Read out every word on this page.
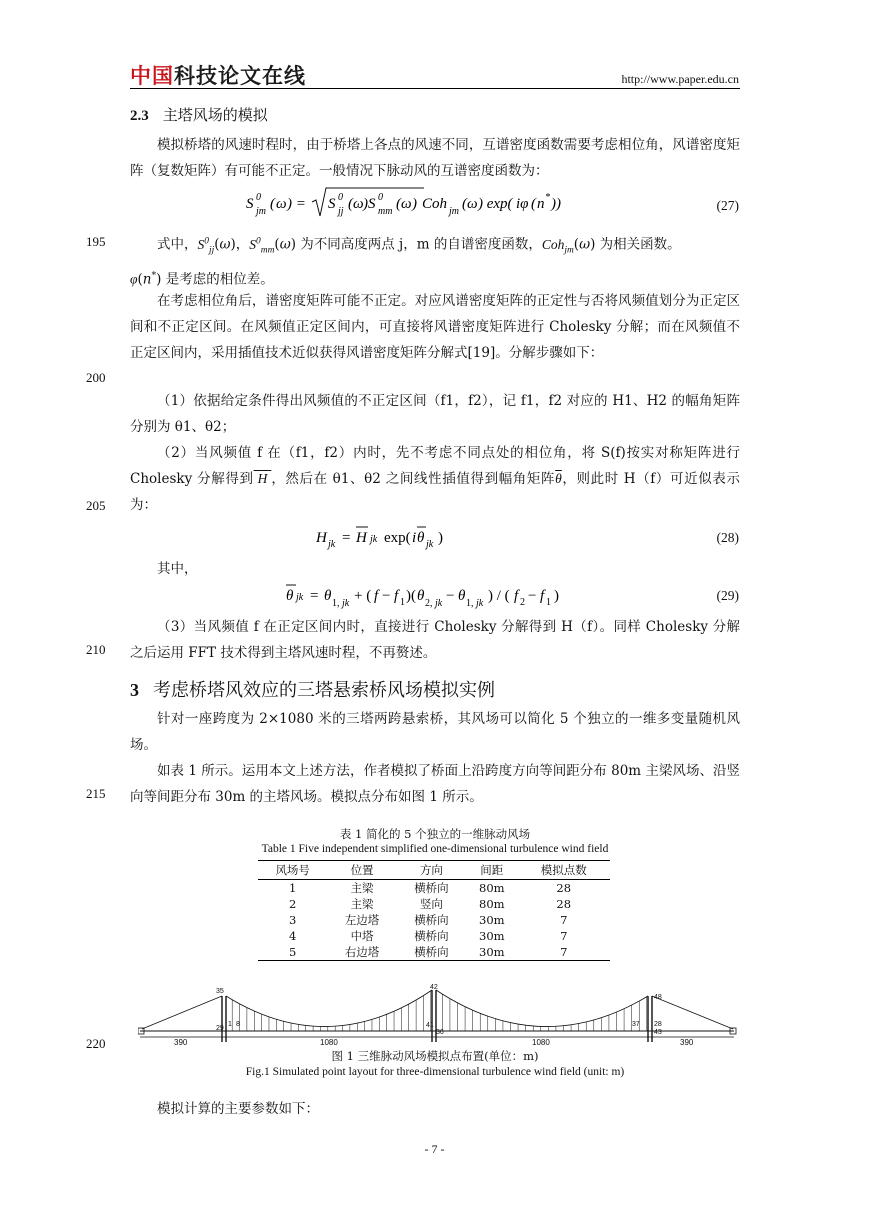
中国科技论文在线	http://www.paper.edu.cn
2.3 主塔风场的模拟
模拟桥塔的风速时程时，由于桥塔上各点的风速不同，互谱密度函数需要考虑相位角，风谱密度矩阵（复数矩阵）有可能不正定。一般情况下脉动风的互谱密度函数为：
S 0
jm ( ω ) = S 0
jj ( ω ) S 0
mm ( ω ) Coh jm ( ω ) exp( iφ ( n * ))	(27)
195	式中，$S^0_{jj}(\omega)$，$S^0_{mm}(\omega)$ 为不同高度两点 j，m 的自谱密度函数，Coh$_{jm}$(ω) 为相关函数。
φ(n*) 是考虑的相位差。
在考虑相位角后，谱密度矩阵可能不正定。对应风谱密度矩阵的正定性与否将风频值划分为正定区间和不正定区间。在风频值正定区间内，可直接将风谱密度矩阵进行 Cholesky 分解；而在风频值不正定区间内，采用插值技术近似获得风谱密度矩阵分解式[19]。分解步骤如下：
200
（1）依据给定条件得出风频值的不正定区间（f1，f2），记 f1，f2 对应的 H1、H2 的幅角矩阵分别为 θ1、θ2；
（2）当风频值 f 在（f1，f2）内时，先不考虑不同点处的相位角，将 S(f)按实对称矩阵进行 Cholesky 分解得到 H ，然后在 θ1、θ2 之间线性插值得到幅角矩阵$\overline{\theta}$，则此时 H（f）可近似表示为：
205
H jk = H jk exp( i θ jk )	(28)
其中，
θ jk = θ 1, jk + ( f − f 1 )( θ 2, jk − θ 1, jk ) / ( f 2 − f 1 )	(29)
（3）当风频值 f 在正定区间内时，直接进行 Cholesky 分解得到 H（f）。同样 Cholesky 分解之后运用 FFT 技术得到主塔风速时程，不再赘述。
210
3 考虑桥塔风效应的三塔悬索桥风场模拟实例
针对一座跨度为 2×1080 米的三塔两跨悬索桥，其风场可以简化 5 个独立的一维多变量随机风场。
如表 1 所示。运用本文上述方法，作者模拟了桥面上沿跨度方向等间距分布 80m 主梁风场、沿竖向等间距分布 30m 的主塔风场。模拟点分布如图 1 所示。
215
表 1 简化的 5 个独立的一维脉动风场
Table 1 Five independent simplified one-dimensional turbulence wind field
风场号	位置	方向	间距	模拟点数
1	主梁	横桥向	80m	28
2	主梁	竖向	80m	28
3	左边塔	横桥向	30m	7
4	中塔	横桥向	30m	7
5	右边塔	横桥向	30m	7
35
29
42
41
36
48
28
43
1 8	37
390	1080	1080	390
220
图 1 三维脉动风场模拟点布置(单位：m)
Fig.1 Simulated point layout for three-dimensional turbulence wind field (unit: m)
模拟计算的主要参数如下：
- 7 -
